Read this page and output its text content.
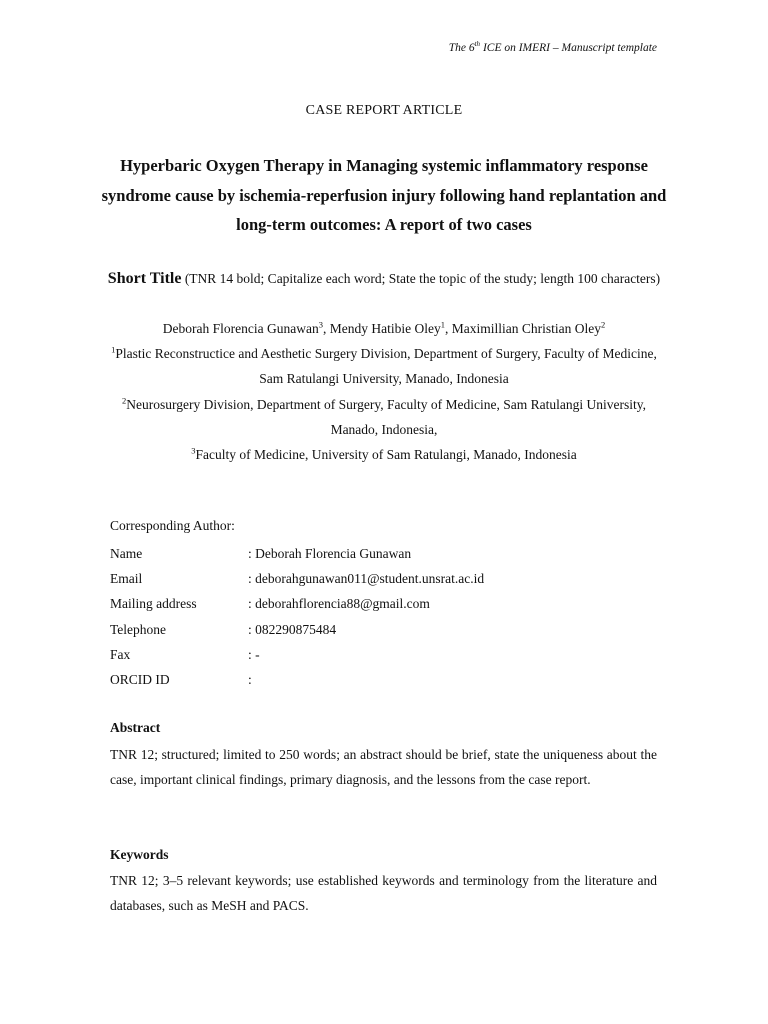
The 6th ICE on IMERI – Manuscript template
CASE REPORT ARTICLE
Hyperbaric Oxygen Therapy in Managing systemic inflammatory response syndrome cause by ischemia-reperfusion injury following hand replantation and long-term outcomes: A report of two cases
Short Title (TNR 14 bold; Capitalize each word; State the topic of the study; length 100 characters)
Deborah Florencia Gunawan$^3$, Mendy Hatibie Oley$^1$, Maximillian Christian Oley$^2$
$^1$Plastic Reconstructice and Aesthetic Surgery Division, Department of Surgery, Faculty of Medicine, Sam Ratulangi University, Manado, Indonesia
$^2$Neurosurgery Division, Department of Surgery, Faculty of Medicine, Sam Ratulangi University, Manado, Indonesia,
$^3$Faculty of Medicine, University of Sam Ratulangi, Manado, Indonesia
Corresponding Author:
Name	: Deborah Florencia Gunawan
Email	: deborahgunawan011@student.unsrat.ac.id
Mailing address	: deborahflorencia88@gmail.com
Telephone	: 082290875484
Fax	: -
ORCID ID	:
Abstract
TNR 12; structured; limited to 250 words; an abstract should be brief, state the uniqueness about the case, important clinical findings, primary diagnosis, and the lessons from the case report.
Keywords
TNR 12; 3–5 relevant keywords; use established keywords and terminology from the literature and databases, such as MeSH and PACS.
